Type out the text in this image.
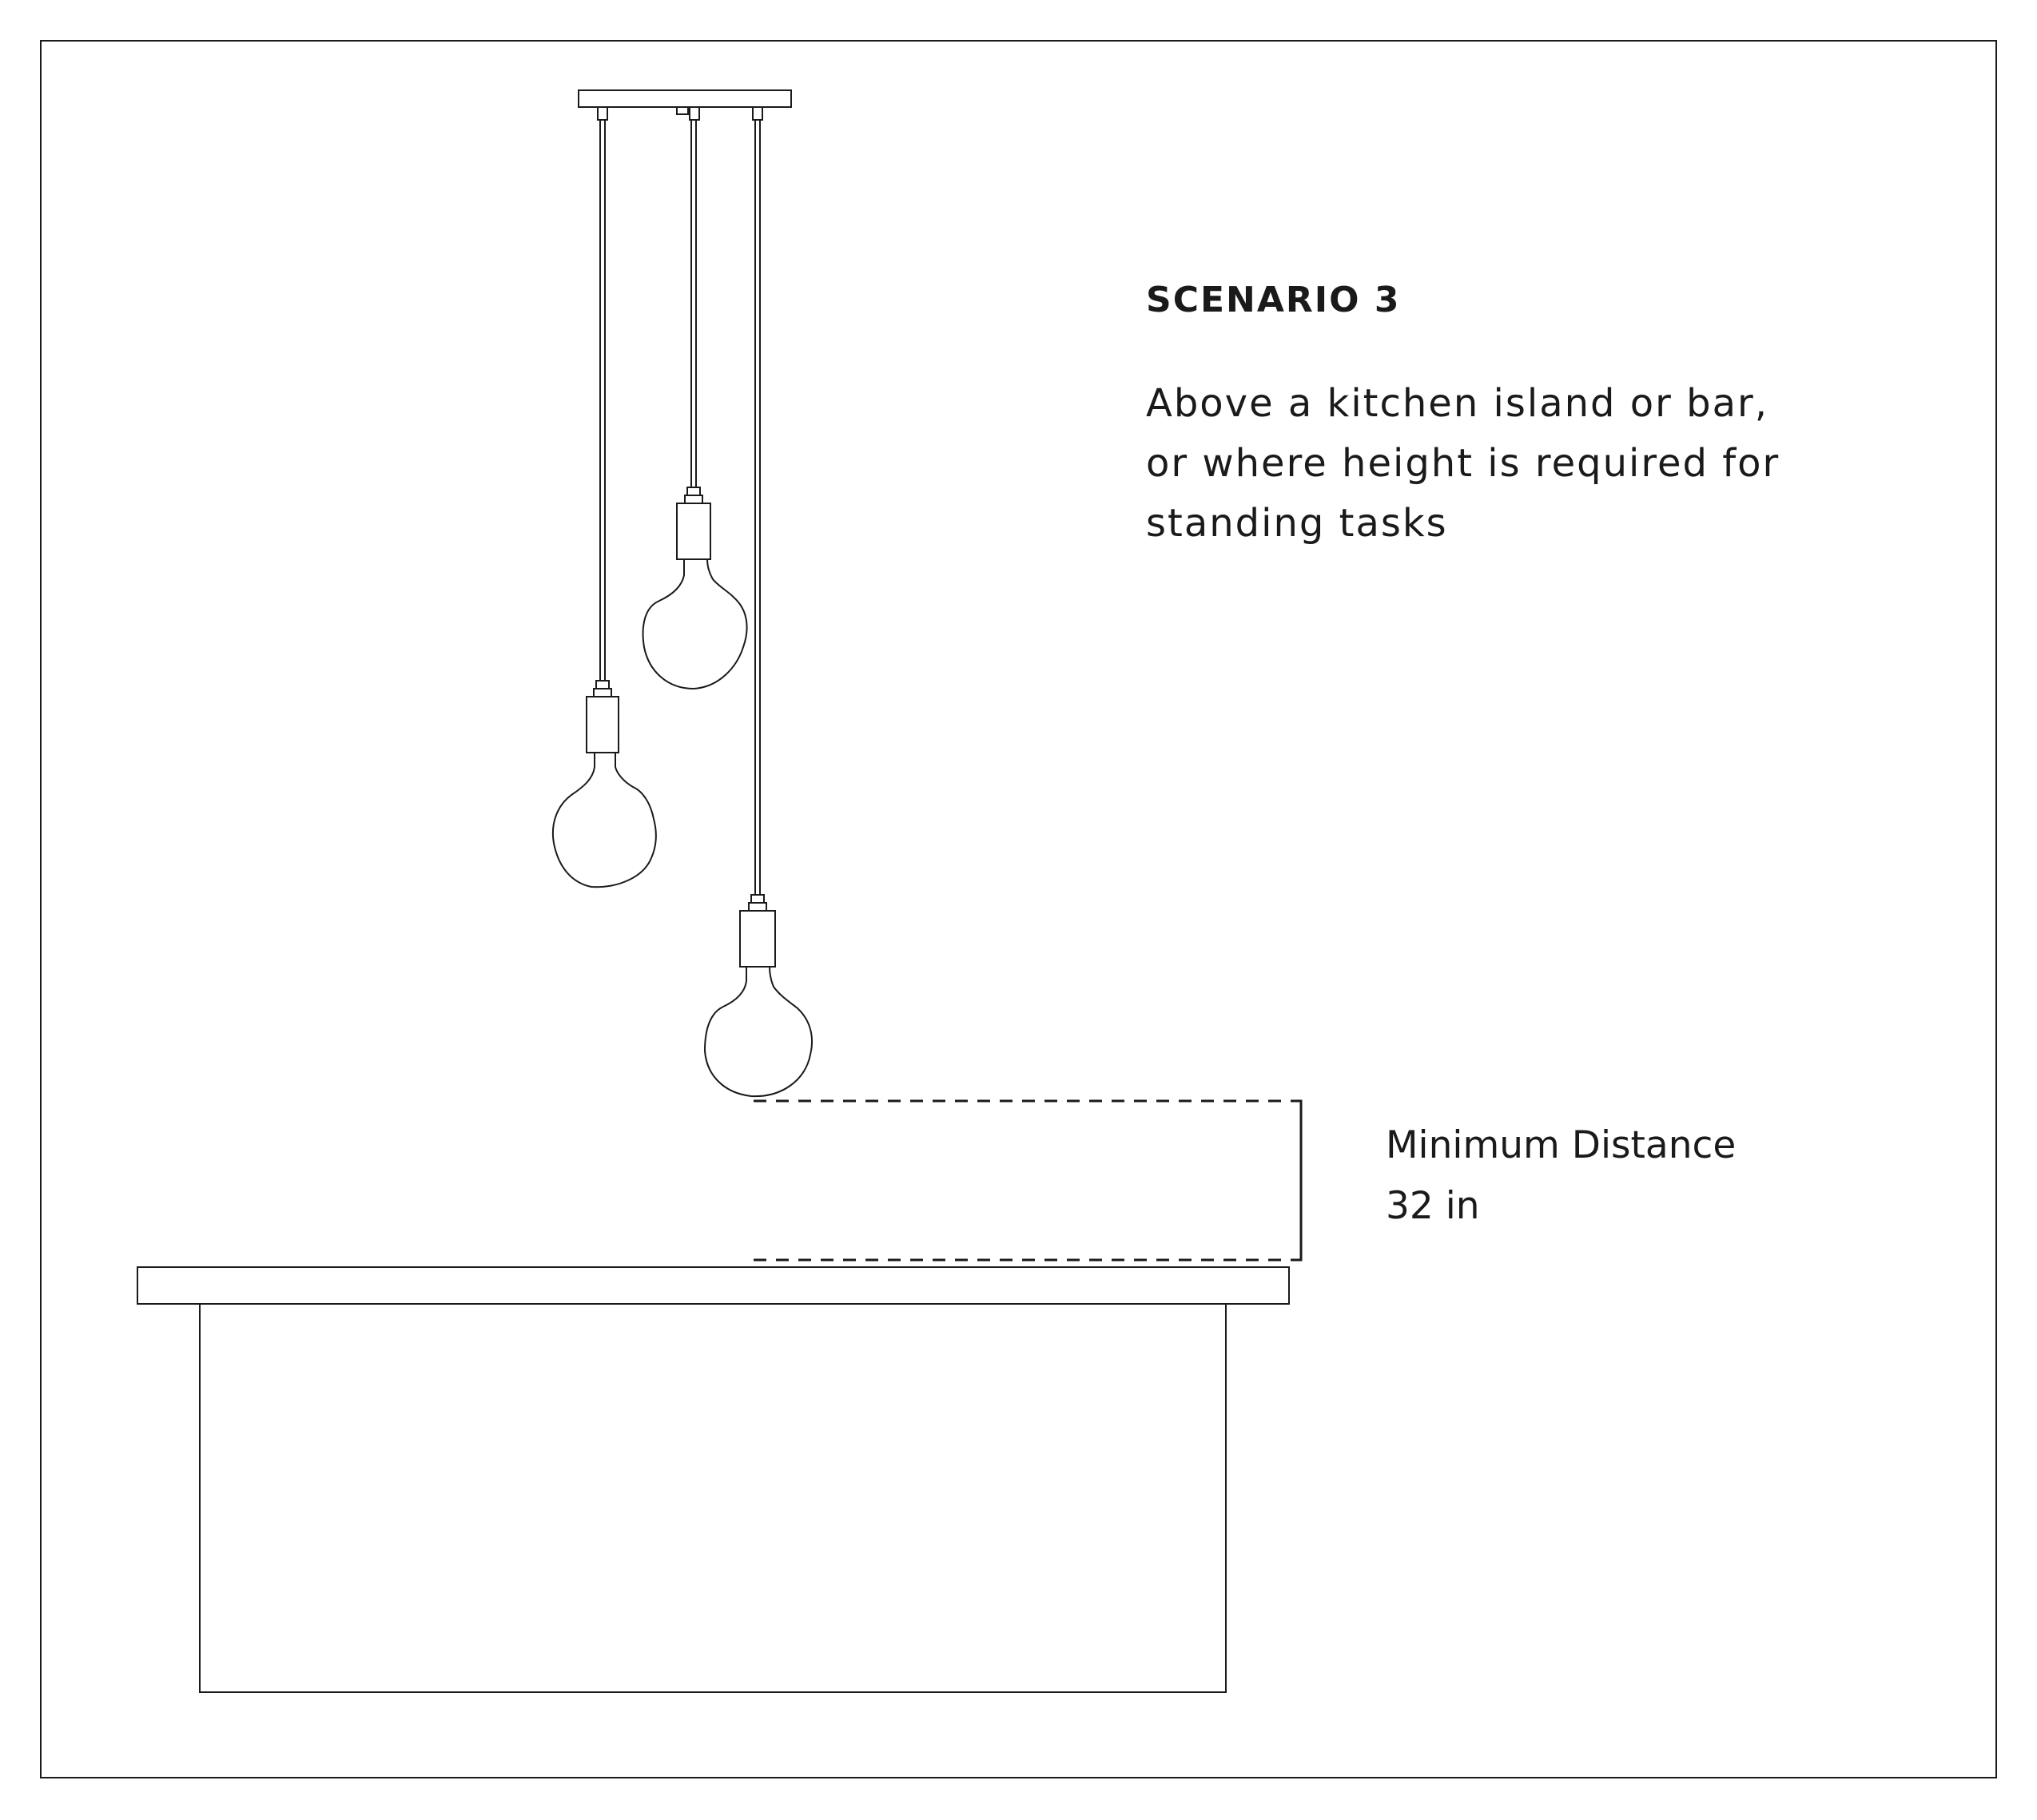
SCENARIO 3

Above a kitchen island or bar,
or where height is required for
standing tasks

Minimum Distance
32 in
